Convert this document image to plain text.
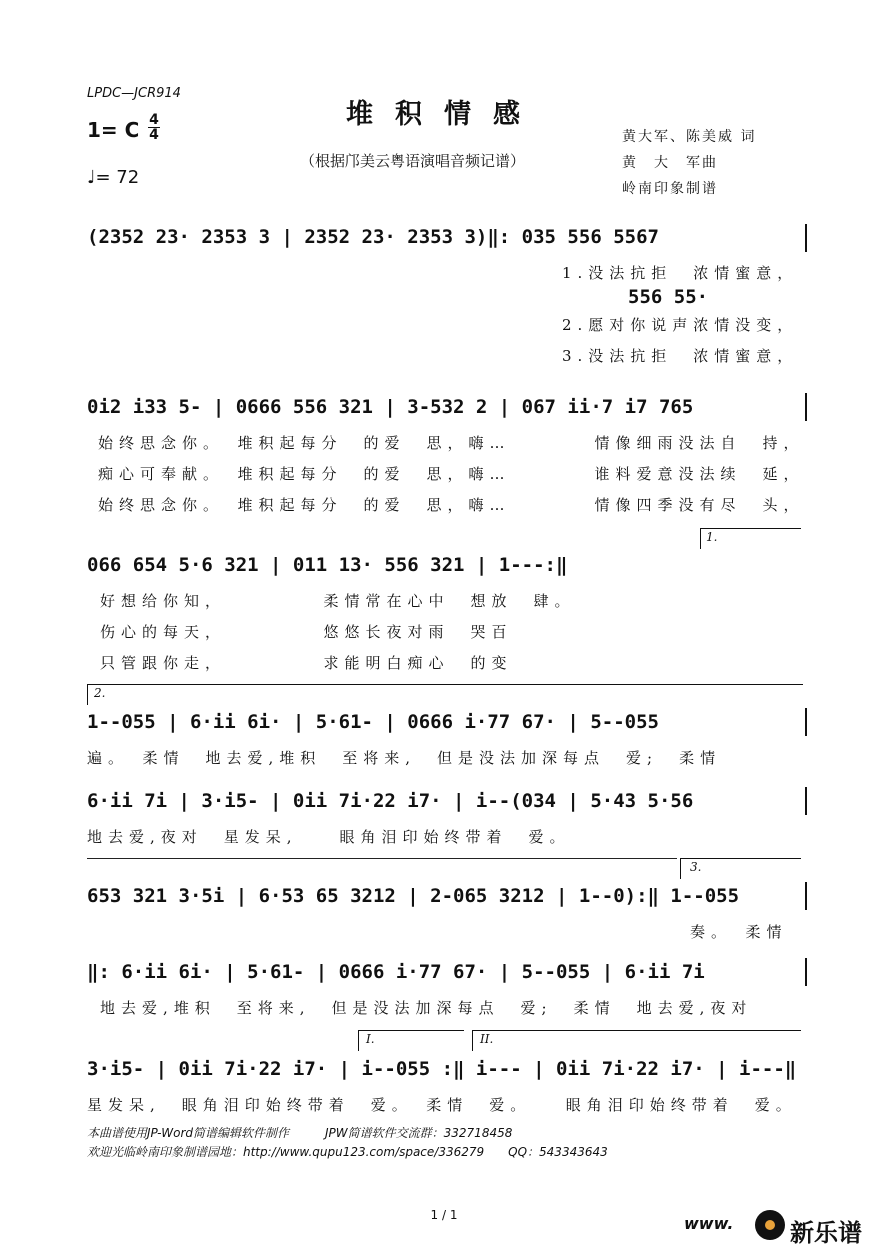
LPDC—JCR914
堆积情感
（根据邝美云粤语演唱音频记谱）
1= C 4
4
♩= 72
黄大军、陈美威 词
黄　大　军曲
岭南印象制谱
(2352 23· 2353 3 | 2352 23· 2353 3)‖: 035 556 5567
1.没法抗拒　浓情蜜意，
556 55·
2.愿对你说声浓情没变，
3.没法抗拒　浓情蜜意，
0i2 i33 5- | 0666 556 321 | 3-532 2 | 067 ii·7 i7 765
始终思念你。　堆积起每分　的爱　思，嗨…　　　　情像细雨没法自　持，
痴心可奉献。　堆积起每分　的爱　思，嗨…　　　　谁料爱意没法续　延，
始终思念你。　堆积起每分　的爱　思，嗨…　　　　情像四季没有尽　头，
1.
066 654 5·6 321 | 011 13· 556 321 | 1---:‖
好想给你知，　　　　　柔情常在心中　想放　肆。
伤心的每天，　　　　　悠悠长夜对雨　哭百
只管跟你走，　　　　　求能明白痴心　的变
2.
1--055 | 6·ii 6i· | 5·61- | 0666 i·77 67· | 5--055
遍。　柔情　地去爱,堆积　至将来,　但是没法加深每点　爱;　柔情
6·ii 7i | 3·i5- | 0ii 7i·22 i7· | i--(034 | 5·43 5·56
地去爱,夜对　星发呆,　　眼角泪印始终带着　爱。
3.
653 321 3·5i | 6·53 65 3212 | 2-065 3212 | 1--0):‖ 1--055
奏。　柔情
‖: 6·ii 6i· | 5·61- | 0666 i·77 67· | 5--055 | 6·ii 7i
地去爱,堆积　至将来,　但是没法加深每点　爱;　柔情　地去爱,夜对
I.	II.
3·i5- | 0ii 7i·22 i7· | i--055 :‖ i--- | 0ii 7i·22 i7· | i---‖
星发呆,　眼角泪印始终带着　爱。　柔情　爱。　　眼角泪印始终带着　爱。
本曲谱使用JP-Word简谱编辑软件制作　　　JPW简谱软件交流群：332718458
欢迎光临岭南印象制谱园地：http://www.qupu123.com/space/336279　　QQ：543343643
1 / 1	www. 新乐谱
